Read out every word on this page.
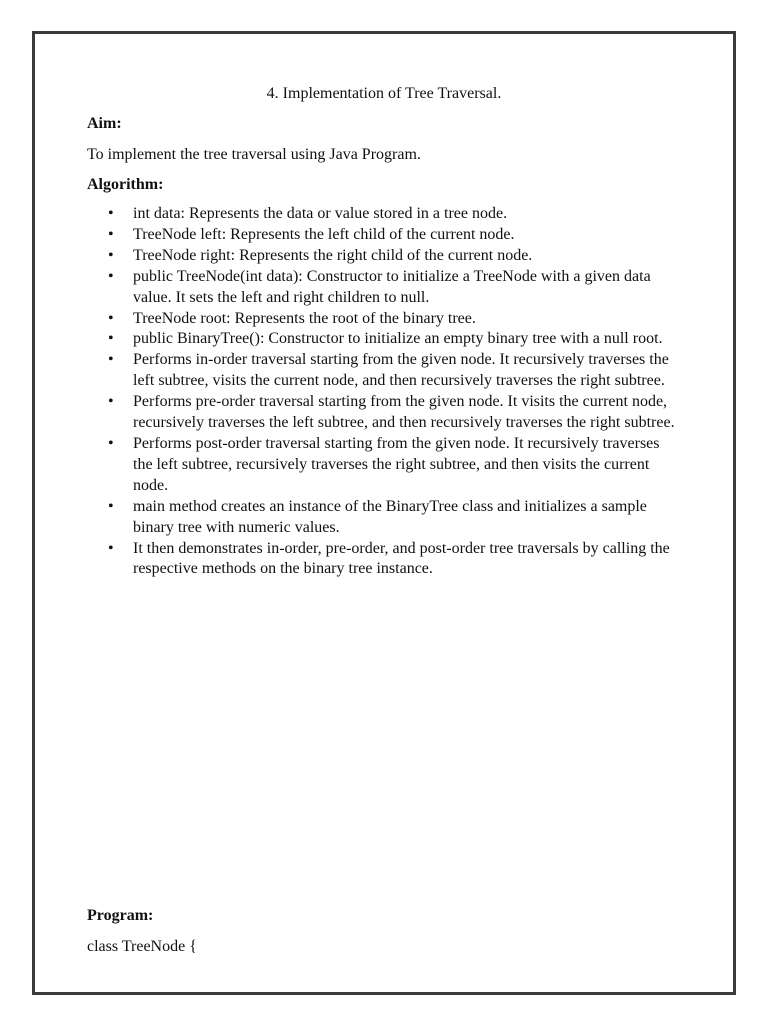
4. Implementation of Tree Traversal.
Aim:
To implement the tree traversal using Java Program.
Algorithm:
• int data: Represents the data or value stored in a tree node.
• TreeNode left: Represents the left child of the current node.
• TreeNode right: Represents the right child of the current node.
• public TreeNode(int data): Constructor to initialize a TreeNode with a given data value. It sets the left and right children to null.
• TreeNode root: Represents the root of the binary tree.
• public BinaryTree(): Constructor to initialize an empty binary tree with a null root.
• Performs in-order traversal starting from the given node. It recursively traverses the left subtree, visits the current node, and then recursively traverses the right subtree.
• Performs pre-order traversal starting from the given node. It visits the current node, recursively traverses the left subtree, and then recursively traverses the right subtree.
• Performs post-order traversal starting from the given node. It recursively traverses the left subtree, recursively traverses the right subtree, and then visits the current node.
• main method creates an instance of the BinaryTree class and initializes a sample binary tree with numeric values.
• It then demonstrates in-order, pre-order, and post-order tree traversals by calling the respective methods on the binary tree instance.
Program:
class TreeNode {
